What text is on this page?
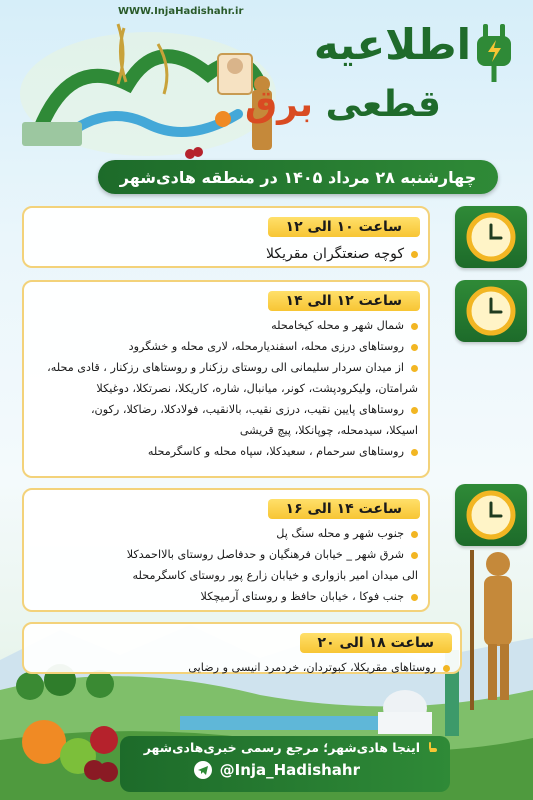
WWW.InjaHadishahr.ir
اطلاعیه
قطعی برق
چهارشنبه ۲۸ مرداد ۱۴۰۵ در منطقه هادی‌شهر
ساعت ۱۰ الی ۱۲
کوچه صنعتگران مقریکلا
ساعت ۱۲ الی ۱۴
شمال شهر و محله کیخامحله
روستاهای درزی محله، اسفندیارمحله، لاری محله و خشگرود
از میدان سردار سلیمانی الی روستای رزکنار و روستاهای رزکنار ، قادی محله،
شرامتان، ولیکرودپشت، کونر، میانبال، شاره، کاریکلا، نصرتکلا، دوغیکلا
روستاهای پایین نقیب، درزی نقیب، بالانقیب، فولادکلا، رضاکلا، رکون،
اسیکلا، سیدمحله، چوپانکلا، پیچ قریشی
روستاهای سرحمام ، سعیدکلا، سپاه محله و کاسگرمحله
ساعت ۱۴ الی ۱۶
جنوب شهر و محله سنگ پل
شرق شهر _ خیابان فرهنگیان و حدفاصل روستای بالااحمدکلا
الی میدان امیر بازواری و خیابان زارع پور روستای کاسگرمحله
جنب فوکا ، خیابان حافظ و روستای آرمیچکلا
ساعت ۱۸ الی ۲۰
روستاهای مقریکلا، کبوتردان، خردمرد انیسی و رضایی
اینجا هادی‌شهر؛ مرجع رسمی خبری‌هادی‌شهر
@Inja_Hadishahr
